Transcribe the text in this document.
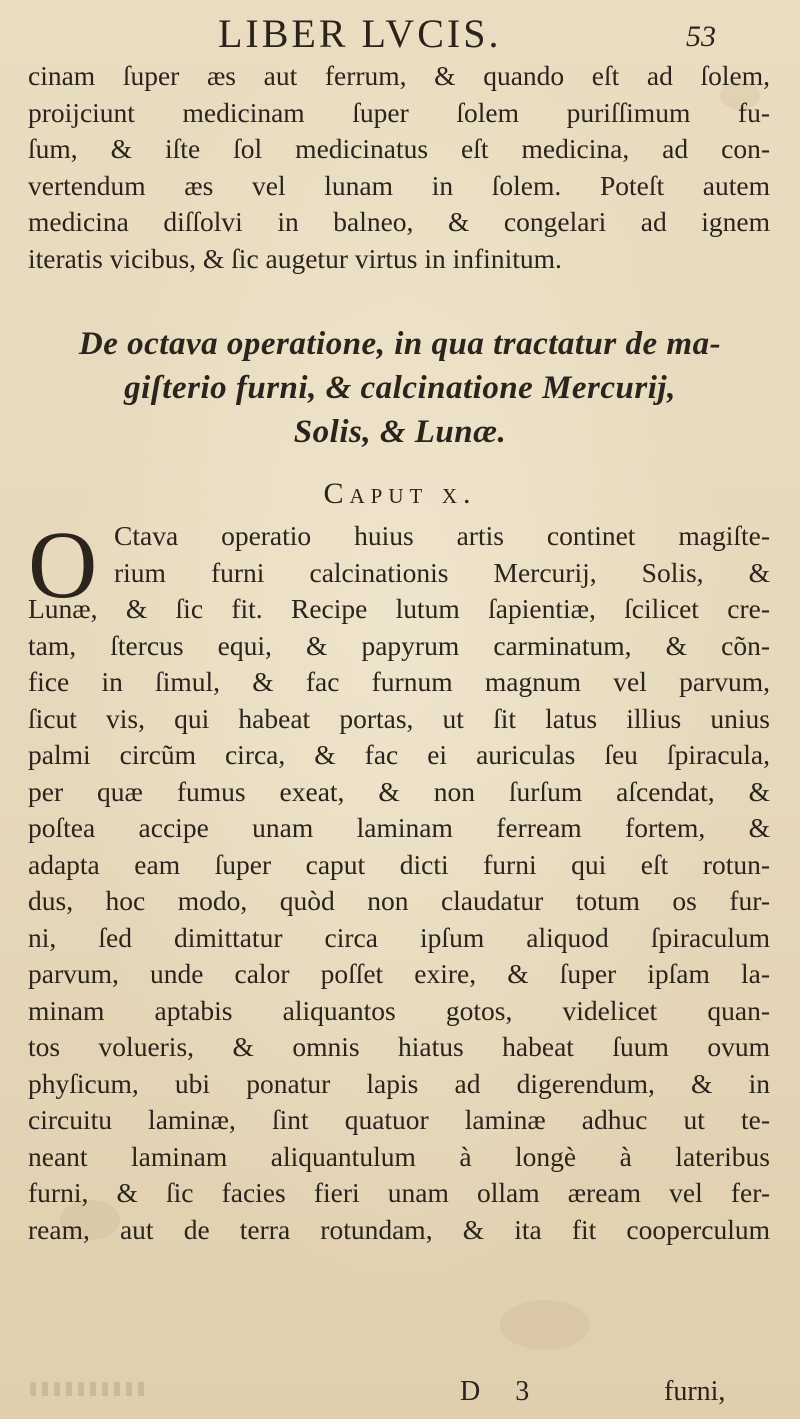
LIBER LVCIS.	53
cinam ſuper æs aut ferrum, & quando eſt ad ſolem,
proijciunt medicinam ſuper ſolem puriſſimum fu-
ſum, & iſte ſol medicinatus eſt medicina, ad con-
vertendum æs vel lunam in ſolem. Poteſt autem
medicina diſſolvi in balneo, & congelari ad ignem
iteratis vicibus, & ſic augetur virtus in infinitum.
De octava operatione, in qua tractatur de ma-
giſterio furni, & calcinatione Mercurij,
Solis, & Lunæ.
Caput x.
O Ctava operatio huius artis continet magiſte-
rium furni calcinationis Mercurij, Solis, &
Lunæ, & ſic fit. Recipe lutum ſapientiæ, ſcilicet cre-
tam, ſtercus equi, & papyrum carminatum, & cõn-
fice in ſimul, & fac furnum magnum vel parvum,
ſicut vis, qui habeat portas, ut ſit latus illius unius
palmi circũm circa, & fac ei auriculas ſeu ſpiracula,
per quæ fumus exeat, & non ſurſum aſcendat, &
poſtea accipe unam laminam ferream fortem, &
adapta eam ſuper caput dicti furni qui eſt rotun-
dus, hoc modo, quòd non claudatur totum os fur-
ni, ſed dimittatur circa ipſum aliquod ſpiraculum
parvum, unde calor poſſet exire, & ſuper ipſam la-
minam aptabis aliquantos gotos, videlicet quan-
tos volueris, & omnis hiatus habeat ſuum ovum
phyſicum, ubi ponatur lapis ad digerendum, & in
circuitu laminæ, ſint quatuor laminæ adhuc ut te-
neant laminam aliquantulum à longè à lateribus
furni, & ſic facies fieri unam ollam æream vel fer-
ream, aut de terra rotundam, & ita fit cooperculum
D 3	furni,
